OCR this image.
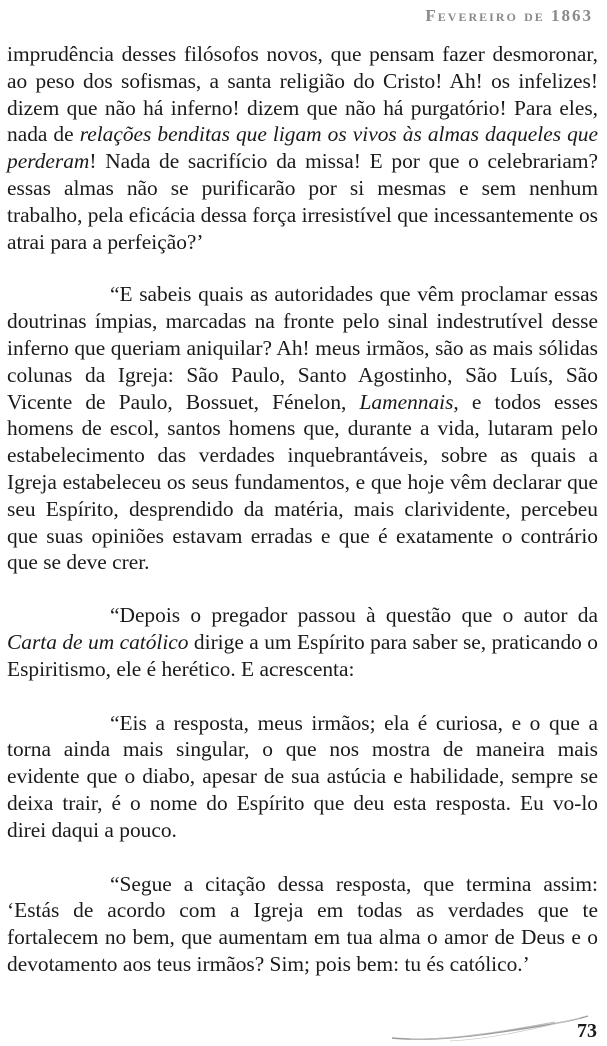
Fevereiro de 1863

imprudência desses filósofos novos, que pensam fazer desmoronar, ao peso dos sofismas, a santa religião do Cristo! Ah! os infelizes! dizem que não há inferno! dizem que não há purgatório! Para eles, nada de relações benditas que ligam os vivos às almas daqueles que perderam! Nada de sacrifício da missa! E por que o celebrariam? essas almas não se purificarão por si mesmas e sem nenhum trabalho, pela eficácia dessa força irresistível que incessantemente os atrai para a perfeição?’

“E sabeis quais as autoridades que vêm proclamar essas doutrinas ímpias, marcadas na fronte pelo sinal indestrutível desse inferno que queriam aniquilar? Ah! meus irmãos, são as mais sólidas colunas da Igreja: São Paulo, Santo Agostinho, São Luís, São Vicente de Paulo, Bossuet, Fénelon, Lamennais, e todos esses homens de escol, santos homens que, durante a vida, lutaram pelo estabelecimento das verdades inquebrantáveis, sobre as quais a Igreja estabeleceu os seus fundamentos, e que hoje vêm declarar que seu Espírito, desprendido da matéria, mais clarividente, percebeu que suas opiniões estavam erradas e que é exatamente o contrário que se deve crer.

“Depois o pregador passou à questão que o autor da Carta de um católico dirige a um Espírito para saber se, praticando o Espiritismo, ele é herético. E acrescenta:

“Eis a resposta, meus irmãos; ela é curiosa, e o que a torna ainda mais singular, o que nos mostra de maneira mais evidente que o diabo, apesar de sua astúcia e habilidade, sempre se deixa trair, é o nome do Espírito que deu esta resposta. Eu vo-lo direi daqui a pouco.

“Segue a citação dessa resposta, que termina assim: ‘Estás de acordo com a Igreja em todas as verdades que te fortalecem no bem, que aumentam em tua alma o amor de Deus e o devotamento aos teus irmãos? Sim; pois bem: tu és católico.’

73
